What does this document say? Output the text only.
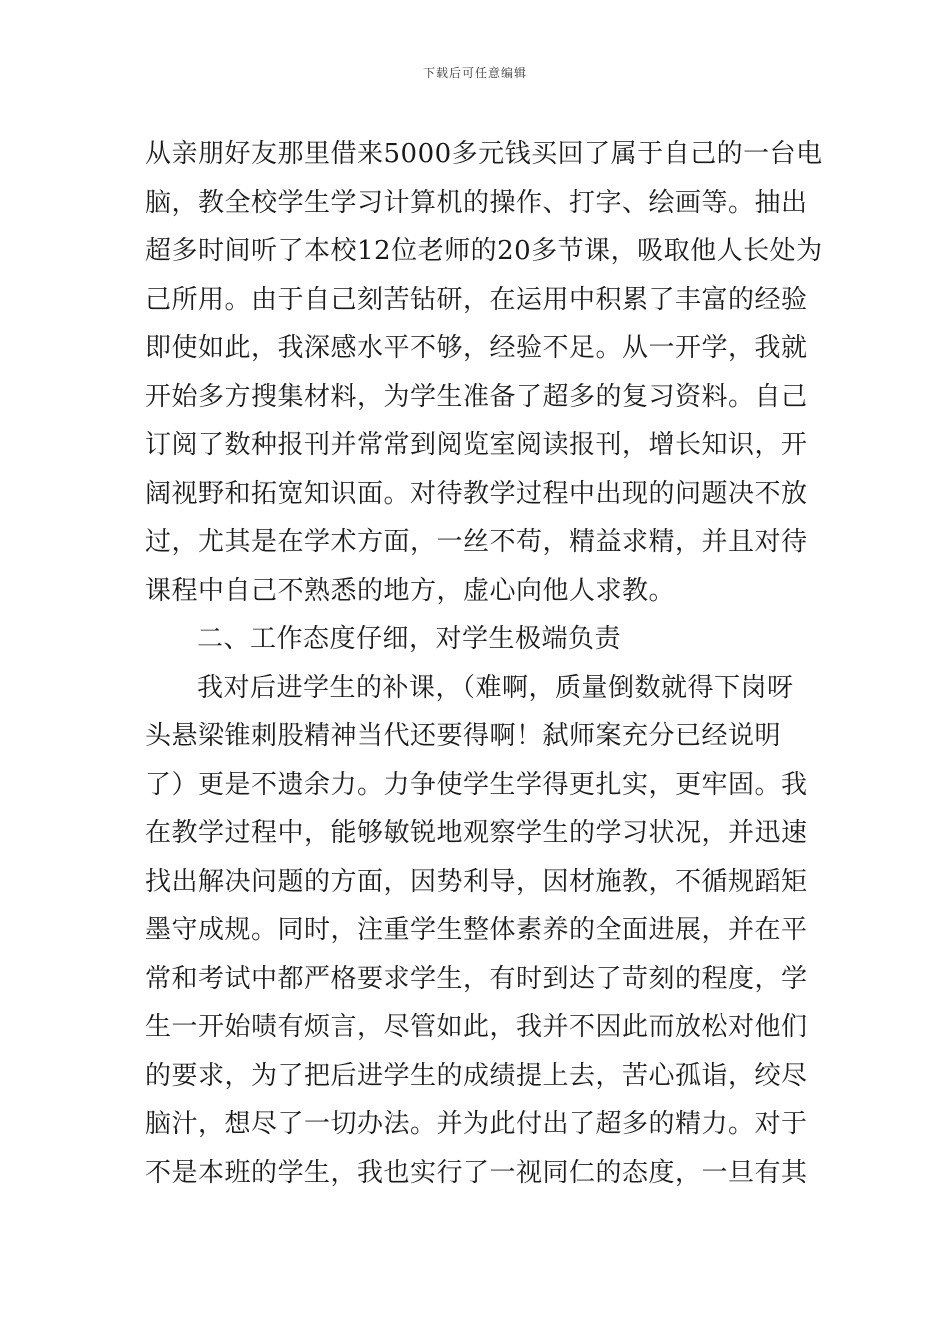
下载后可任意编辑
从亲朋好友那里借来5000多元钱买回了属于自己的一台电
脑，教全校学生学习计算机的操作、打字、绘画等。抽出
超多时间听了本校12位老师的20多节课，吸取他人长处为
己所用。由于自己刻苦钻研，在运用中积累了丰富的经验
即使如此，我深感水平不够，经验不足。从一开学，我就
开始多方搜集材料，为学生准备了超多的复习资料。自己
订阅了数种报刊并常常到阅览室阅读报刊，增长知识，开
阔视野和拓宽知识面。对待教学过程中出现的问题决不放
过，尤其是在学术方面，一丝不苟，精益求精，并且对待
课程中自己不熟悉的地方，虚心向他人求教。
二、工作态度仔细，对学生极端负责
我对后进学生的补课，（难啊，质量倒数就得下岗呀
头悬梁锥刺股精神当代还要得啊！弑师案充分已经说明
了）更是不遗余力。力争使学生学得更扎实，更牢固。我
在教学过程中，能够敏锐地观察学生的学习状况，并迅速
找出解决问题的方面，因势利导，因材施教，不循规蹈矩
墨守成规。同时，注重学生整体素养的全面进展，并在平
常和考试中都严格要求学生，有时到达了苛刻的程度，学
生一开始啧有烦言，尽管如此，我并不因此而放松对他们
的要求，为了把后进学生的成绩提上去，苦心孤诣，绞尽
脑汁，想尽了一切办法。并为此付出了超多的精力。对于
不是本班的学生，我也实行了一视同仁的态度，一旦有其
